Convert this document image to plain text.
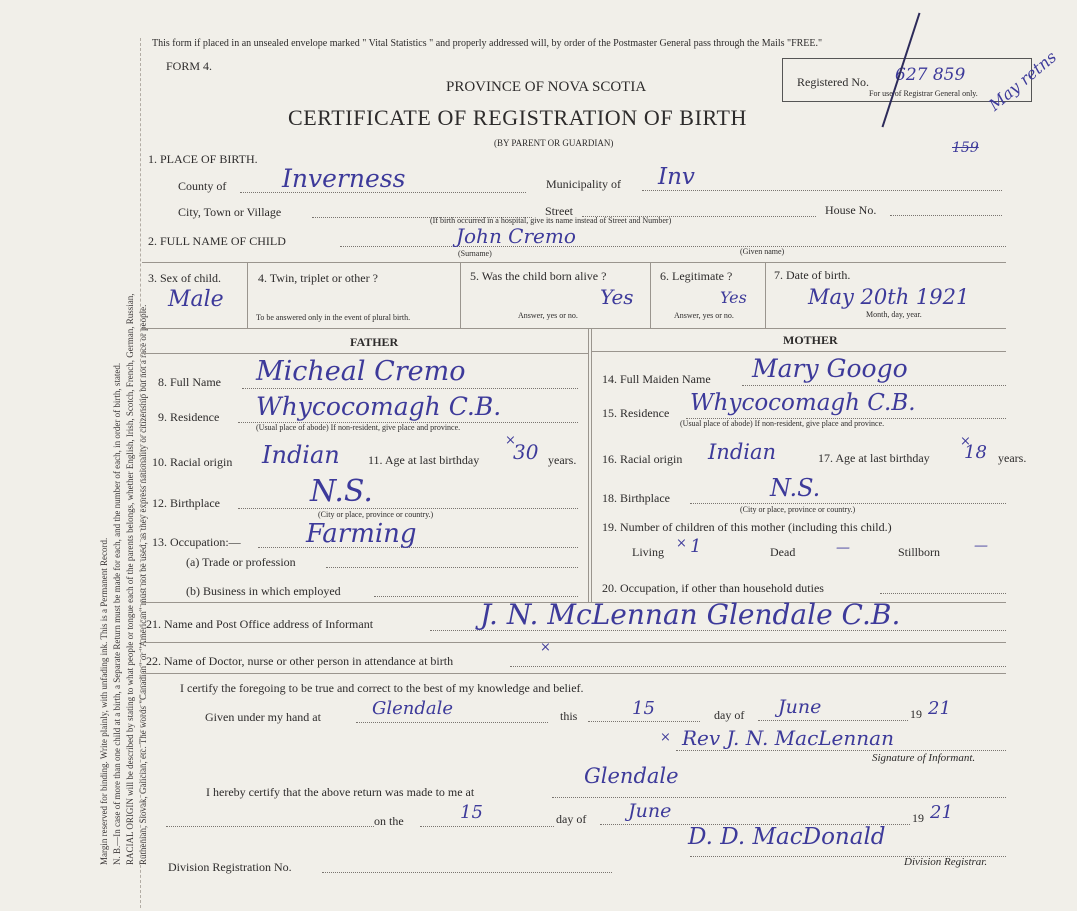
Margin reserved for binding. Write plainly, with unfading ink. This is a Permanent Record. N. B.—In case of more than one child at a birth, a Separate Return must be made for each, and the number of each, in order of birth, stated. RACIAL ORIGIN will be described by stating to what people or tongue each of the parents belongs, whether English, Irish, Scotch, French, German, Russian, Ruthenian, Slovak, Galician, etc. The words "Canadian" or "American" must not be used, as they express nationality or citizenship but not a race or people.
This form if placed in an unsealed envelope marked " Vital Statistics " and properly addressed will, by order of the Postmaster General pass through the Mails "FREE."
FORM 4.
PROVINCE OF NOVA SCOTIA
CERTIFICATE OF REGISTRATION OF BIRTH
(BY PARENT OR GUARDIAN)
Registered No. 627 859
For use of Registrar General only. May retns
159
1. PLACE OF BIRTH.
County of Inverness	Municipality of Inv
City, Town or Village	Street	House No.
(If birth occurred in a hospital, give its name instead of Street and Number)
2. FULL NAME OF CHILD	John Cremo
(Surname)	(Given name)
3. Sex of child.
Male
4. Twin, triplet or other ?
To be answered only in the event of plural birth.
5. Was the child born alive ?
Yes
Answer, yes or no.
6. Legitimate ?
Yes
Answer, yes or no.
7. Date of birth.
May 20th 1921
Month, day, year.
FATHER	MOTHER
8. Full Name Micheal Cremo
9. Residence Whycocomagh C.B.
(Usual place of abode) If non-resident, give place and province.
10. Racial origin Indian 11. Age at last birthday 30 years.
12. Birthplace	N.S.
(City or place, province or country.)
13. Occupation:—	Farming
(a) Trade or profession
(b) Business in which employed
14. Full Maiden Name Mary Googo
15. Residence Whycocomagh C.B.
(Usual place of abode) If non-resident, give place and province.
16. Racial origin Indian	17. Age at last birthday 18 years.
18. Birthplace	N.S.
(City or place, province or country.)
19. Number of children of this mother (including this child.)
Living 1	Dead	—	Stillborn —
20. Occupation, if other than household duties
21. Name and Post Office address of Informant	J. N. McLennan Glendale C.B.
22. Name of Doctor, nurse or other person in attendance at birth
I certify the foregoing to be true and correct to the best of my knowledge and belief.
Given under my hand at	Glendale	this	15	day of June	19 21
Rev J. N. MacLennan
Signature of Informant.
I hereby certify that the above return was made to me at
Glendale
on the	15	day of June	19 21
D. D. MacDonald
Division Registration No.	Division Registrar.
×	×
×
×
×
